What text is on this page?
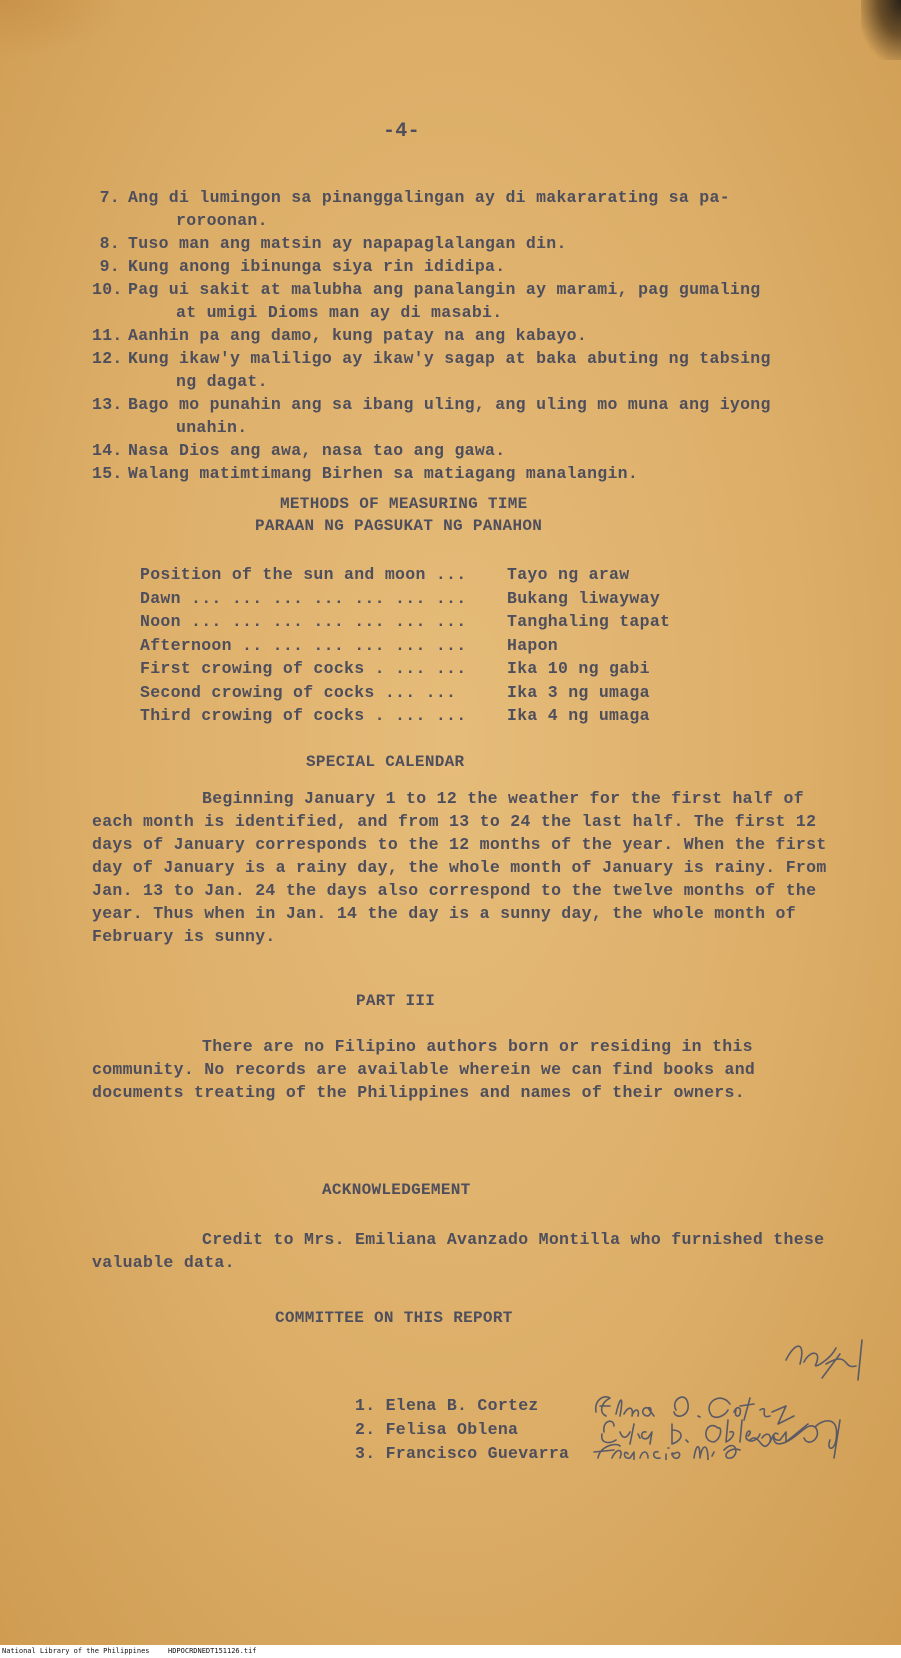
-4-
7. Ang di lumingon sa pinanggalingan ay di makararating sa pa-
roroonan.
8. Tuso man ang matsin ay napapaglalangan din.
9. Kung anong ibinunga siya rin ididipa.
10. Pag ui sakit at malubha ang panalangin ay marami, pag gumaling
at umigi Dioms man ay di masabi.
11. Aanhin pa ang damo, kung patay na ang kabayo.
12. Kung ikaw'y maliligo ay ikaw'y sagap at baka abuting ng tabsing
ng dagat.
13. Bago mo punahin ang sa ibang uling, ang uling mo muna ang iyong
unahin.
14. Nasa Dios ang awa, nasa tao ang gawa.
15. Walang matimtimang Birhen sa matiagang manalangin.
METHODS OF MEASURING TIME
PARAAN NG PAGSUKAT NG PANAHON
Position of the sun and moon ... Tayo ng araw
Dawn ... ... ... ... ... ... ... Bukang liwayway
Noon ... ... ... ... ... ... ... Tanghaling tapat
Afternoon .. ... ... ... ... ... Hapon
First crowing of cocks . ... ... Ika 10 ng gabi
Second crowing of cocks ... ...	Ika 3 ng umaga
Third crowing of cocks . ... ... Ika 4 ng umaga
SPECIAL CALENDAR

Beginning January 1 to 12 the weather for the first half of each month is identified, and from 13 to 24 the last half. The first 12 days of January corresponds to the 12 months of the year. When the first day of January is a rainy day, the whole month of January is rainy. From Jan. 13 to Jan. 24 the days also correspond to the twelve months of the year. Thus when in Jan. 14 the day is a sunny day, the whole month of February is sunny.

PART III

There are no Filipino authors born or residing in this community. No records are available wherein we can find books and documents treating of the Philippines and names of their owners.

ACKNOWLEDGEMENT

Credit to Mrs. Emiliana Avanzado Montilla who furnished these valuable data.

COMMITTEE ON THIS REPORT
1. Elena B. Cortez
2. Felisa Oblena
3. Francisco Guevarra
National Library of the Philippines	HDPOCRDNEDT151126.tif
